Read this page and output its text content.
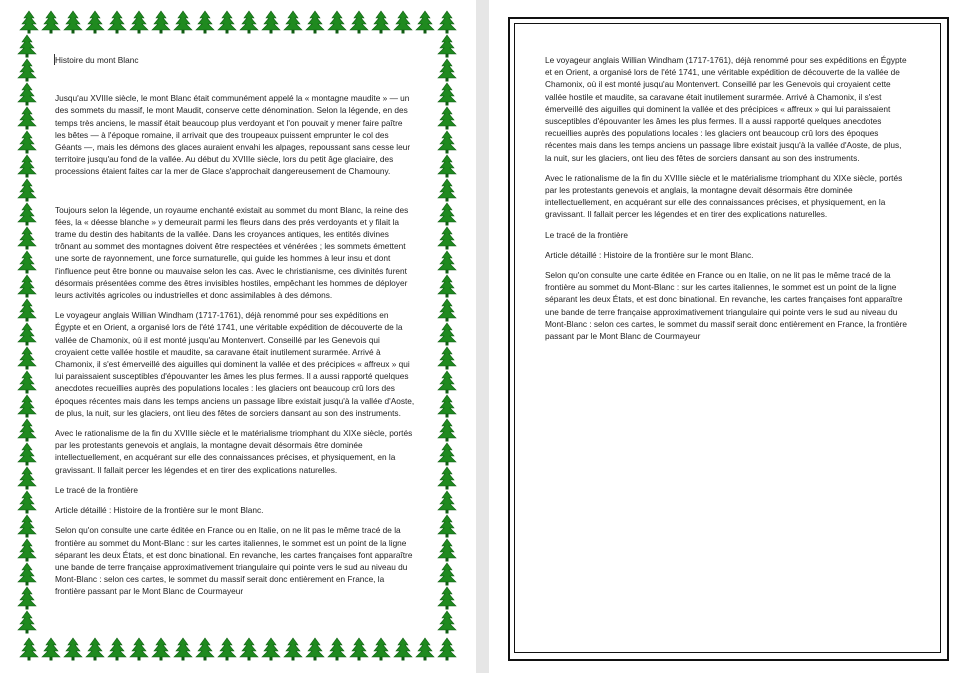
Histoire du mont Blanc

Jusqu'au XVIIIe siècle, le mont Blanc était communément appelé la « montagne maudite » — un des sommets du massif, le mont Maudit, conserve cette dénomination. Selon la légende, en des temps très anciens, le massif était beaucoup plus verdoyant et l'on pouvait y mener faire paître les bêtes — à l'époque romaine, il arrivait que des troupeaux puissent emprunter le col des Géants —, mais les démons des glaces auraient envahi les alpages, repoussant sans cesse leur territoire jusqu'au fond de la vallée. Au début du XVIIIe siècle, lors du petit âge glaciaire, des processions étaient faites car la mer de Glace s'approchait dangereusement de Chamouny.

Toujours selon la légende, un royaume enchanté existait au sommet du mont Blanc, la reine des fées, la « déesse blanche » y demeurait parmi les fleurs dans des prés verdoyants et y filait la trame du destin des habitants de la vallée. Dans les croyances antiques, les entités divines trônant au sommet des montagnes doivent être respectées et vénérées ; les sommets émettent une sorte de rayonnement, une force surnaturelle, qui guide les hommes à leur insu et dont l'influence peut être bonne ou mauvaise selon les cas. Avec le christianisme, ces divinités furent désormais présentées comme des êtres invisibles hostiles, empêchant les hommes de déployer leurs activités agricoles ou industrielles et donc assimilables à des démons.

Le voyageur anglais Willian Windham (1717-1761), déjà renommé pour ses expéditions en Égypte et en Orient, a organisé lors de l'été 1741, une véritable expédition de découverte de la vallée de Chamonix, où il est monté jusqu'au Montenvert. Conseillé par les Genevois qui croyaient cette vallée hostile et maudite, sa caravane était inutilement surarmée. Arrivé à Chamonix, il s'est émerveillé des aiguilles qui dominent la vallée et des précipices « affreux » qui lui paraissaient susceptibles d'épouvanter les âmes les plus fermes. Il a aussi rapporté quelques anecdotes recueillies auprès des populations locales : les glaciers ont beaucoup crû lors des époques récentes mais dans les temps anciens un passage libre existait jusqu'à la vallée d'Aoste, de plus, la nuit, sur les glaciers, ont lieu des fêtes de sorciers dansant au son des instruments.

Avec le rationalisme de la fin du XVIIIe siècle et le matérialisme triomphant du XIXe siècle, portés par les protestants genevois et anglais, la montagne devait désormais être dominée intellectuellement, en acquérant sur elle des connaissances précises, et physiquement, en la gravissant. Il fallait percer les légendes et en tirer des explications naturelles.

Le tracé de la frontière

Article détaillé : Histoire de la frontière sur le mont Blanc.

Selon qu'on consulte une carte éditée en France ou en Italie, on ne lit pas le même tracé de la frontière au sommet du Mont-Blanc : sur les cartes italiennes, le sommet est un point de la ligne séparant les deux États, et est donc binational. En revanche, les cartes françaises font apparaître une bande de terre française approximativement triangulaire qui pointe vers le sud au niveau du Mont-Blanc : selon ces cartes, le sommet du massif serait donc entièrement en France, la frontière passant par le Mont Blanc de Courmayeur

Le voyageur anglais Willian Windham (1717-1761), déjà renommé pour ses expéditions en Égypte et en Orient, a organisé lors de l'été 1741, une véritable expédition de découverte de la vallée de Chamonix, où il est monté jusqu'au Montenvert. Conseillé par les Genevois qui croyaient cette vallée hostile et maudite, sa caravane était inutilement surarmée. Arrivé à Chamonix, il s'est émerveillé des aiguilles qui dominent la vallée et des précipices « affreux » qui lui paraissaient susceptibles d'épouvanter les âmes les plus fermes. Il a aussi rapporté quelques anecdotes recueillies auprès des populations locales : les glaciers ont beaucoup crû lors des époques récentes mais dans les temps anciens un passage libre existait jusqu'à la vallée d'Aoste, de plus, la nuit, sur les glaciers, ont lieu des fêtes de sorciers dansant au son des instruments.

Avec le rationalisme de la fin du XVIIIe siècle et le matérialisme triomphant du XIXe siècle, portés par les protestants genevois et anglais, la montagne devait désormais être dominée intellectuellement, en acquérant sur elle des connaissances précises, et physiquement, en la gravissant. Il fallait percer les légendes et en tirer des explications naturelles.

Le tracé de la frontière

Article détaillé : Histoire de la frontière sur le mont Blanc.

Selon qu'on consulte une carte éditée en France ou en Italie, on ne lit pas le même tracé de la frontière au sommet du Mont-Blanc : sur les cartes italiennes, le sommet est un point de la ligne séparant les deux États, et est donc binational. En revanche, les cartes françaises font apparaître une bande de terre française approximativement triangulaire qui pointe vers le sud au niveau du Mont-Blanc : selon ces cartes, le sommet du massif serait donc entièrement en France, la frontière passant par le Mont Blanc de Courmayeur
